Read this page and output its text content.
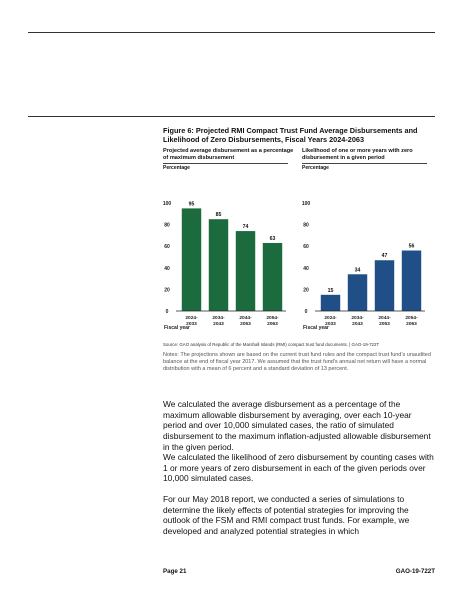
Figure 6: Projected RMI Compact Trust Fund Average Disbursements and Likelihood of Zero Disbursements, Fiscal Years 2024-2063
Projected average disbursement as a percentage of maximum disbursement
Likelihood of one or more years with zero disbursement in a given period
Percentage	Percentage
0
20
40
60
80
100	95
2024-
2033
85
2034-
2043
74
2044-
2053
63
2054-
2063
Fiscal year
0
20
40
60
80
100
15
2024-
2033
34
2034-
2043
47
2044-
2053
56
2054-
2063
Fiscal year
Source: GAO analysis of Republic of the Marshall Islands (RMI) compact trust fund documents. | GAO-19-722T
Notes: The projections shown are based on the current trust fund rules and the compact trust fund’s unaudited balance at the end of fiscal year 2017. We assumed that the trust fund’s annual net return will have a normal distribution with a mean of 6 percent and a standard deviation of 13 percent.
We calculated the average disbursement as a percentage of the maximum allowable disbursement by averaging, over each 10-year period and over 10,000 simulated cases, the ratio of simulated disbursement to the maximum inflation-adjusted allowable disbursement in the given period.
We calculated the likelihood of zero disbursement by counting cases with 1 or more years of zero disbursement in each of the given periods over 10,000 simulated cases.
For our May 2018 report, we conducted a series of simulations to determine the likely effects of potential strategies for improving the outlook of the FSM and RMI compact trust funds. For example, we developed and analyzed potential strategies in which
Page 21	GAO-19-722T
